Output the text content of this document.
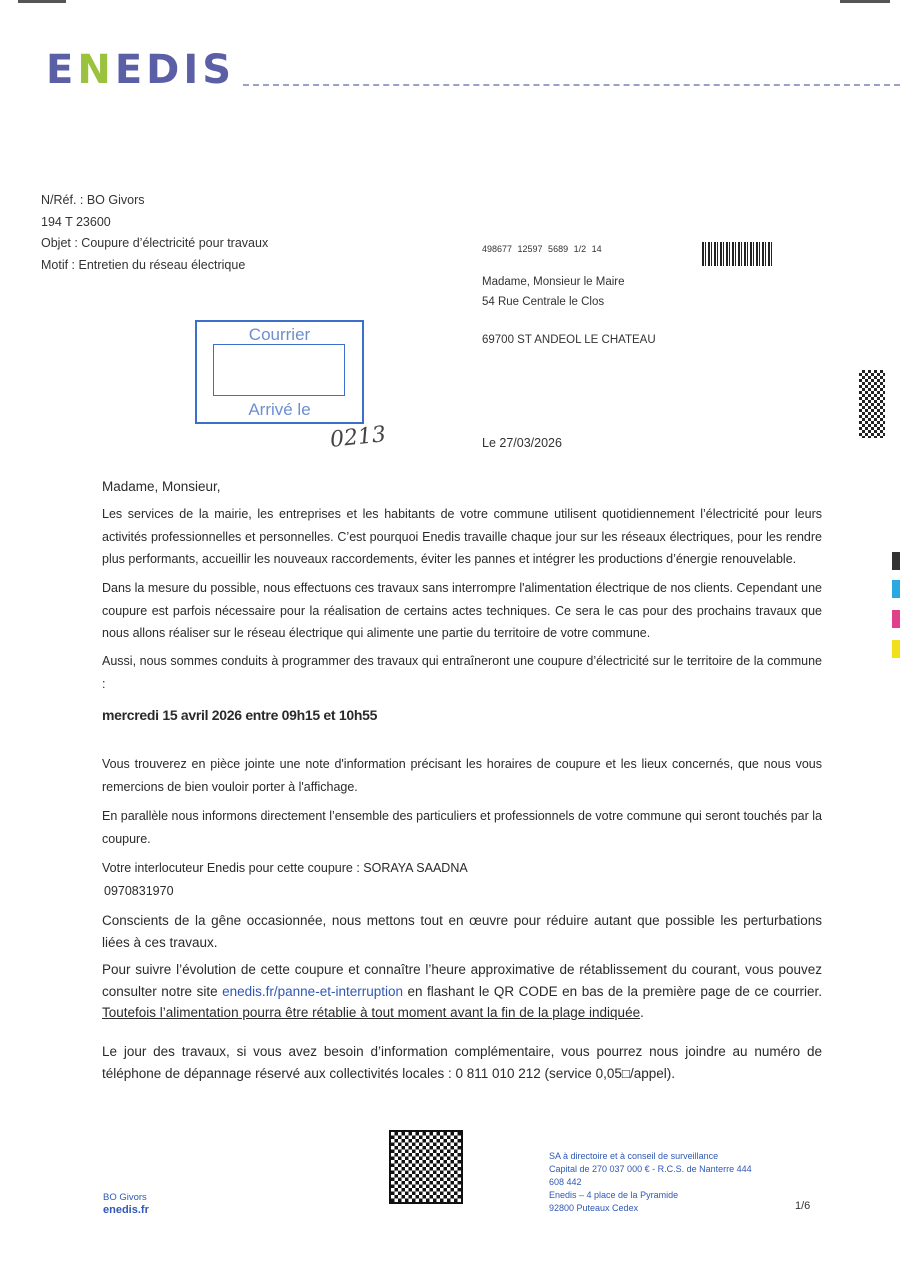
ENEDIS
N/Réf. : BO Givors
194 T 23600
Objet : Coupure d’électricité pour travaux
Motif : Entretien du réseau électrique
498677 12597 5689 1/2 14
Madame, Monsieur le Maire
54 Rue Centrale le Clos
69700 ST ANDEOL LE CHATEAU
Courrier
Arrivé le
0213	Le 27/03/2026
Madame, Monsieur,

Les services de la mairie, les entreprises et les habitants de votre commune utilisent quotidiennement l’électricité pour leurs activités professionnelles et personnelles. C’est pourquoi Enedis travaille chaque jour sur les réseaux électriques, pour les rendre plus performants, accueillir les nouveaux raccordements, éviter les pannes et intégrer les productions d’énergie renouvelable.

Dans la mesure du possible, nous effectuons ces travaux sans interrompre l'alimentation électrique de nos clients. Cependant une coupure est parfois nécessaire pour la réalisation de certains actes techniques. Ce sera le cas pour des prochains travaux que nous allons réaliser sur le réseau électrique qui alimente une partie du territoire de votre commune.

Aussi, nous sommes conduits à programmer des travaux qui entraîneront une coupure d’électricité sur le territoire de la commune :

mercredi 15 avril 2026 entre 09h15 et 10h55

Vous trouverez en pièce jointe une note d'information précisant les horaires de coupure et les lieux concernés, que nous vous remercions de bien vouloir porter à l'affichage.

En parallèle nous informons directement l’ensemble des particuliers et professionnels de votre commune qui seront touchés par la coupure.

Votre interlocuteur Enedis pour cette coupure : SORAYA SAADNA
0970831970

Conscients de la gêne occasionnée, nous mettons tout en œuvre pour réduire autant que possible les perturbations liées à ces travaux.

Pour suivre l’évolution de cette coupure et connaître l’heure approximative de rétablissement du courant, vous pouvez consulter notre site enedis.fr/panne-et-interruption en flashant le QR CODE en bas de la première page de ce courrier. Toutefois l’alimentation pourra être rétablie à tout moment avant la fin de la plage indiquée.

Le jour des travaux, si vous avez besoin d’information complémentaire, vous pourrez nous joindre au numéro de téléphone de dépannage réservé aux collectivités locales : 0 811 010 212 (service 0,05□/appel).

SA à directoire et à conseil de surveillance
Capital de 270 037 000 € - R.C.S. de Nanterre 444
608 442
Enedis – 4 place de la Pyramide
92800 Puteaux Cedex
BO Givors
enedis.fr	1/6
